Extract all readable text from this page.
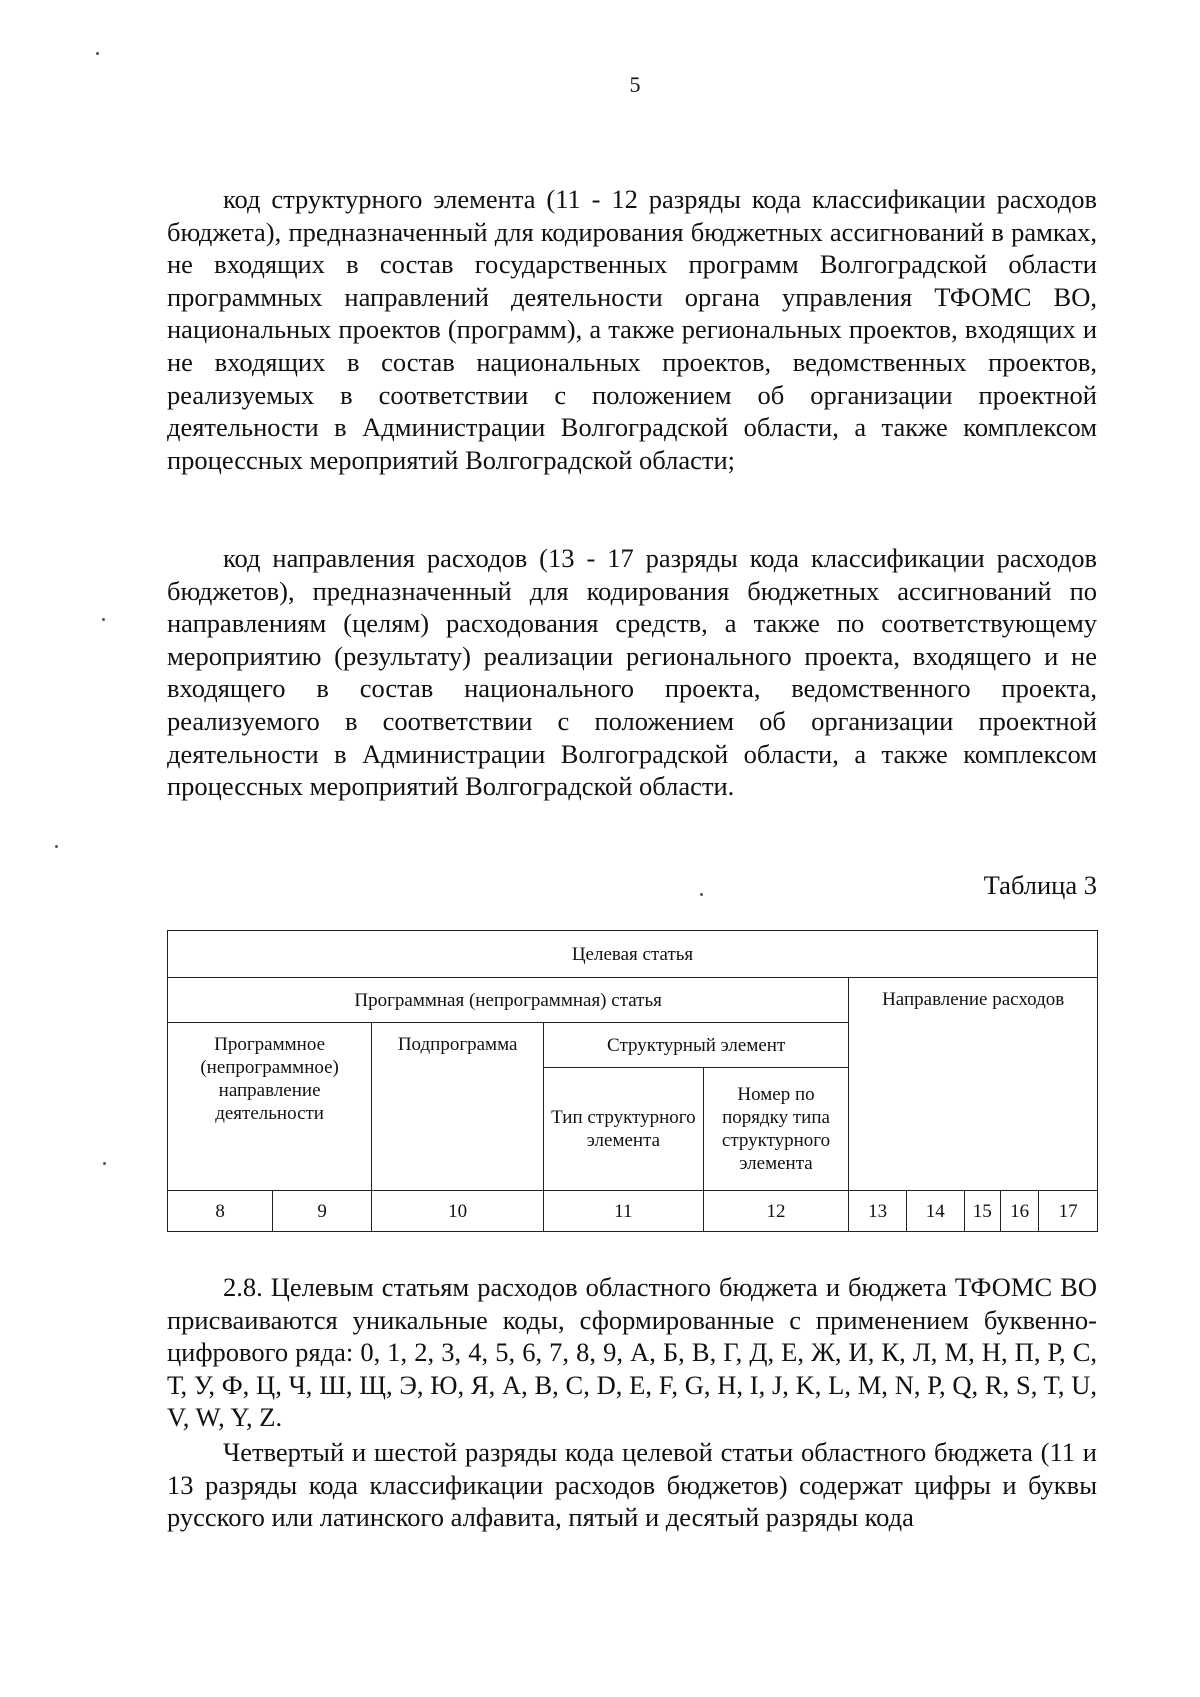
5

код структурного элемента (11 - 12 разряды кода классификации расходов бюджета), предназначенный для кодирования бюджетных ассигнований в рамках, не входящих в состав государственных программ Волгоградской области программных направлений деятельности органа управления ТФОМС ВО, национальных проектов (программ), а также региональных проектов, входящих и не входящих в состав национальных проектов, ведомственных проектов, реализуемых в соответствии с положением об организации проектной деятельности в Администрации Волгоградской области, а также комплексом процессных мероприятий Волгоградской области;

код направления расходов (13 - 17 разряды кода классификации расходов бюджетов), предназначенный для кодирования бюджетных ассигнований по направлениям (целям) расходования средств, а также по соответствующему мероприятию (результату) реализации регионального проекта, входящего и не входящего в состав национального проекта, ведомственного проекта, реализуемого в соответствии с положением об организации проектной деятельности в Администрации Волгоградской области, а также комплексом процессных мероприятий Волгоградской области.

Таблица 3
Целевая статья									
Программная (непрограммная) статья					Направление расходов				
Программное (непрограммное) направление деятельности		Подпрограмма	Структурный элемент						
			Тип структурного элемента	Номер по порядку типа структурного элемента					
8	9	10	11	12	13	14	15	16	17

2.8. Целевым статьям расходов областного бюджета и бюджета ТФОМС ВО присваиваются уникальные коды, сформированные с применением буквенно-цифрового ряда: 0, 1, 2, 3, 4, 5, 6, 7, 8, 9, А, Б, В, Г, Д, Е, Ж, И, К, Л, М, Н, П, Р, С, Т, У, Ф, Ц, Ч, Ш, Щ, Э, Ю, Я, A, B, C, D, E, F, G, H, I, J, K, L, M, N, P, Q, R, S, T, U, V, W, Y, Z.

Четвертый и шестой разряды кода целевой статьи областного бюджета (11 и 13 разряды кода классификации расходов бюджетов) содержат цифры и буквы русского или латинского алфавита, пятый и десятый разряды кода
